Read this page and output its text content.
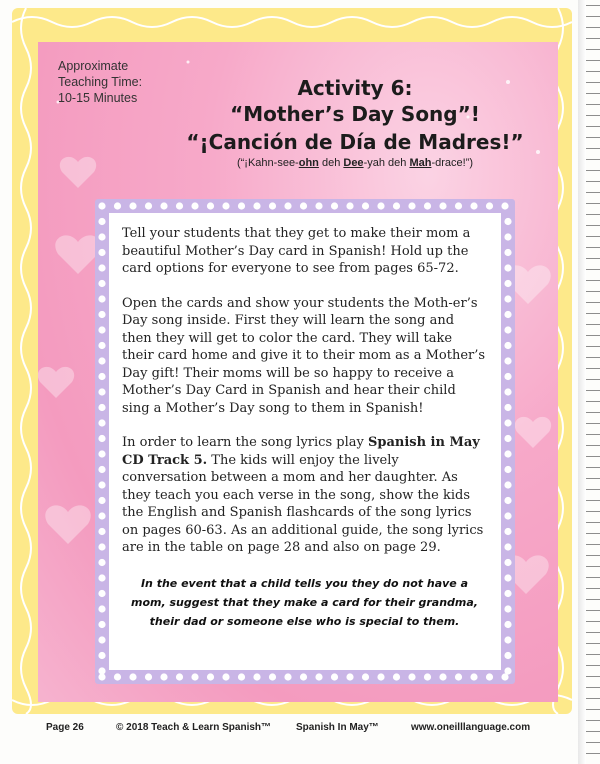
Approximate
Teaching Time:
10-15 Minutes	Activity 6:
“Mother’s Day Song”!
“¡Canción de Día de Madres!”
(“¡Kahn-see-ohn deh Dee-yah deh Mah-drace!”)

Tell your students that they get to make their mom a beautiful Mother’s Day card in Spanish! Hold up the card options for everyone to see from pages 65-72.

Open the cards and show your students the Moth-er’s Day song inside. First they will learn the song and then they will get to color the card. They will take their card home and give it to their mom as a Mother’s Day gift! Their moms will be so happy to receive a Mother’s Day Card in Spanish and hear their child sing a Mother’s Day song to them in Spanish!

In order to learn the song lyrics play Spanish in May CD Track 5. The kids will enjoy the lively conversation between a mom and her daughter. As they teach you each verse in the song, show the kids the English and Spanish flashcards of the song lyrics on pages 60-63. As an additional guide, the song lyrics are in the table on page 28 and also on page 29.

In the event that a child tells you they do not have a mom, suggest that they make a card for their grandma, their dad or someone else who is special to them.
Page 26	© 2018 Teach & Learn Spanish™ Spanish In May™	www.oneilllanguage.com
